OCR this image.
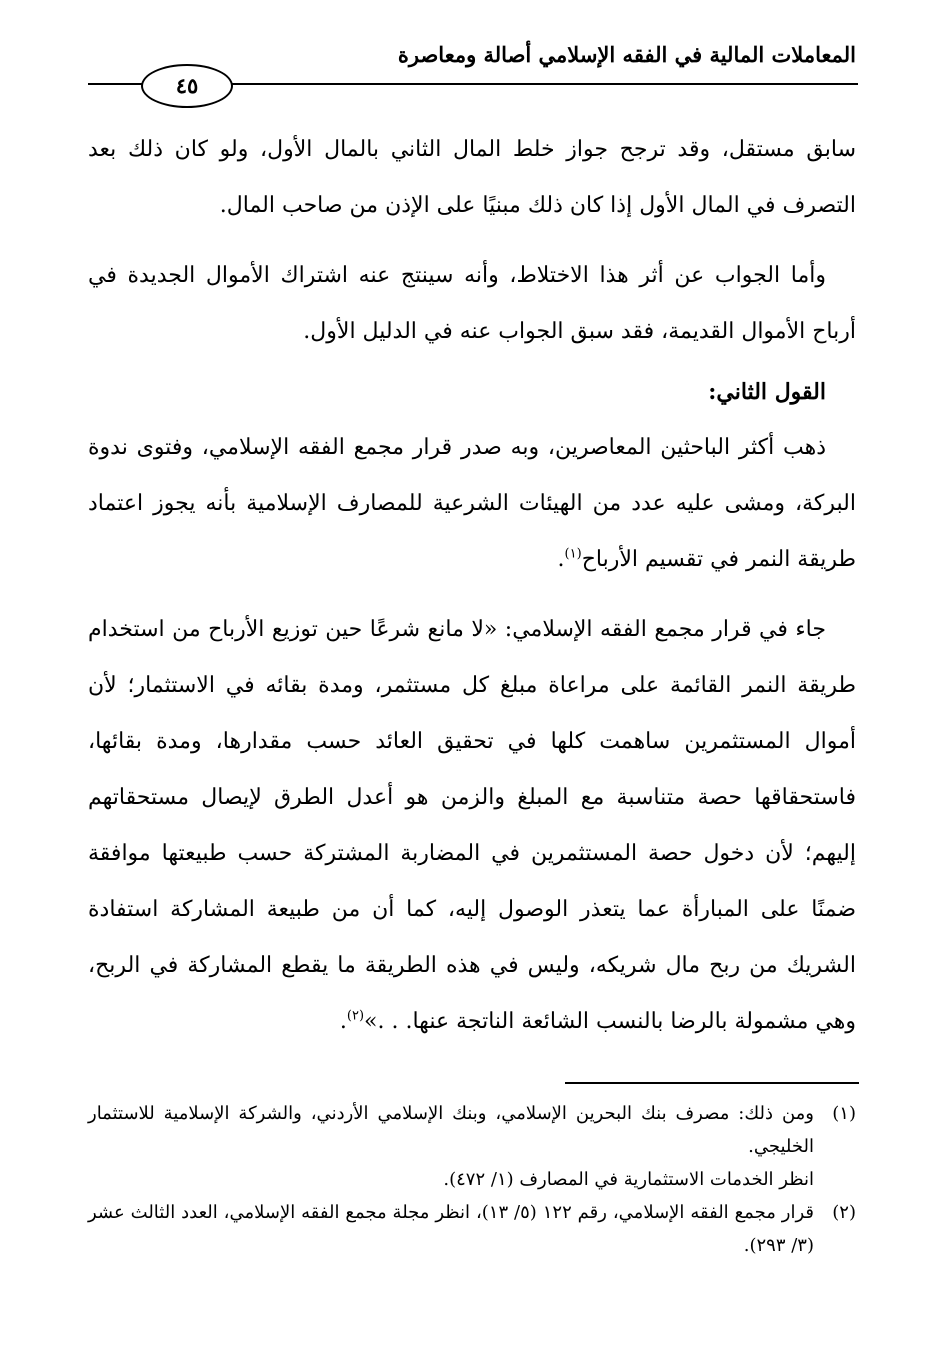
المعاملات المالية في الفقه الإسلامي أصالة ومعاصرة
٤٥

سابق مستقل، وقد ترجح جواز خلط المال الثاني بالمال الأول، ولو كان ذلك بعد التصرف في المال الأول إذا كان ذلك مبنيًا على الإذن من صاحب المال.

وأما الجواب عن أثر هذا الاختلاط، وأنه سينتج عنه اشتراك الأموال الجديدة في أرباح الأموال القديمة، فقد سبق الجواب عنه في الدليل الأول.

القول الثاني:

ذهب أكثر الباحثين المعاصرين، وبه صدر قرار مجمع الفقه الإسلامي، وفتوى ندوة البركة، ومشى عليه عدد من الهيئات الشرعية للمصارف الإسلامية بأنه يجوز اعتماد طريقة النمر في تقسيم الأرباح$^{(١)}$.

جاء في قرار مجمع الفقه الإسلامي: «لا مانع شرعًا حين توزيع الأرباح من استخدام طريقة النمر القائمة على مراعاة مبلغ كل مستثمر، ومدة بقائه في الاستثمار؛ لأن أموال المستثمرين ساهمت كلها في تحقيق العائد حسب مقدارها، ومدة بقائها، فاستحقاقها حصة متناسبة مع المبلغ والزمن هو أعدل الطرق لإيصال مستحقاتهم إليهم؛ لأن دخول حصة المستثمرين في المضاربة المشتركة حسب طبيعتها موافقة ضمنًا على المبارأة عما يتعذر الوصول إليه، كما أن من طبيعة المشاركة استفادة الشريك من ربح مال شريكه، وليس في هذه الطريقة ما يقطع المشاركة في الربح، وهي مشمولة بالرضا بالنسب الشائعة الناتجة عنها. . .»$^{(٢)}$.

(١)

ومن ذلك: مصرف بنك البحرين الإسلامي، وبنك الإسلامي الأردني، والشركة الإسلامية للاستثمار الخليجي.

انظر الخدمات الاستثمارية في المصارف (١/ ٤٧٢).

(٢)

قرار مجمع الفقه الإسلامي، رقم ١٢٢ (٥/ ١٣)، انظر مجلة مجمع الفقه الإسلامي، العدد الثالث عشر (٣/ ٢٩٣).
